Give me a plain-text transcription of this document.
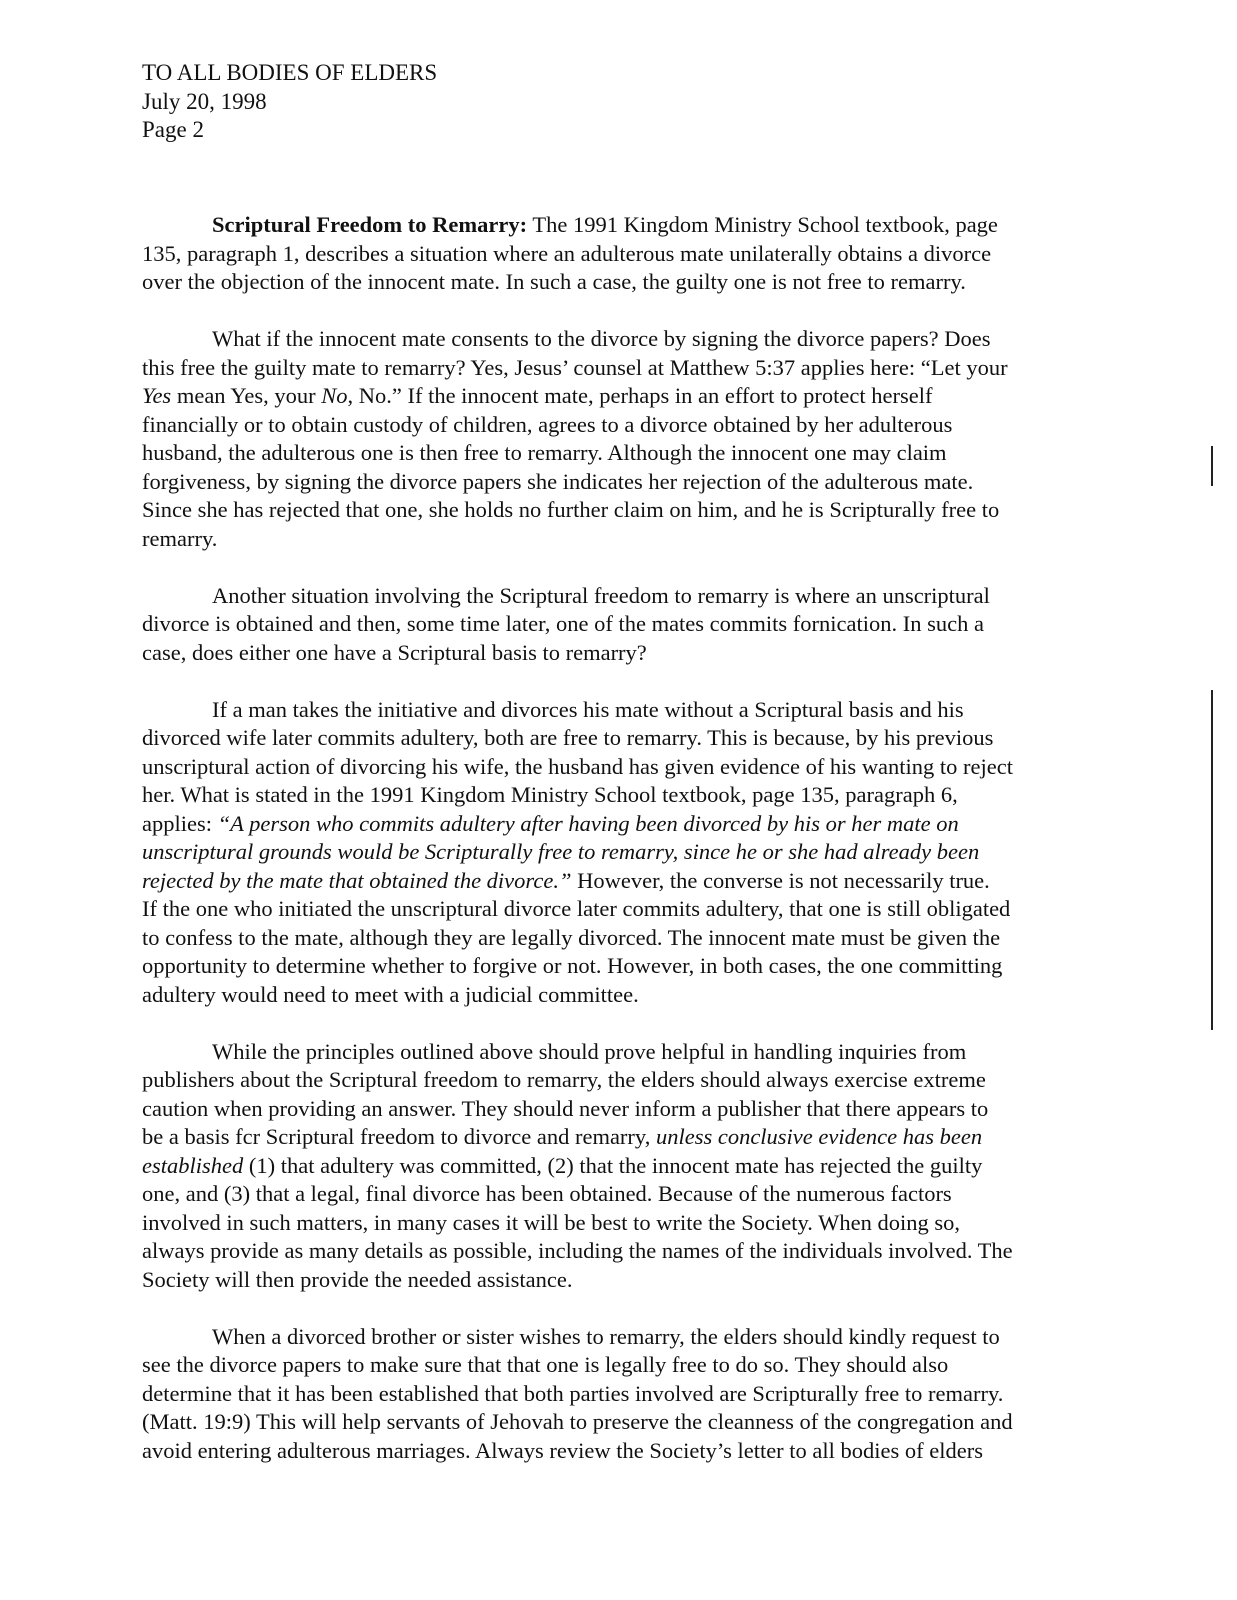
TO ALL BODIES OF ELDERS
July 20, 1998
Page 2
Scriptural Freedom to Remarry: The 1991 Kingdom Ministry School textbook, page
135, paragraph 1, describes a situation where an adulterous mate unilaterally obtains a divorce
over the objection of the innocent mate. In such a case, the guilty one is not free to remarry.
What if the innocent mate consents to the divorce by signing the divorce papers? Does
this free the guilty mate to remarry? Yes, Jesus’ counsel at Matthew 5:37 applies here: “Let your
Yes mean Yes, your No, No.” If the innocent mate, perhaps in an effort to protect herself
financially or to obtain custody of children, agrees to a divorce obtained by her adulterous
husband, the adulterous one is then free to remarry. Although the innocent one may claim
forgiveness, by signing the divorce papers she indicates her rejection of the adulterous mate.
Since she has rejected that one, she holds no further claim on him, and he is Scripturally free to
remarry.
Another situation involving the Scriptural freedom to remarry is where an unscriptural
divorce is obtained and then, some time later, one of the mates commits fornication. In such a
case, does either one have a Scriptural basis to remarry?
If a man takes the initiative and divorces his mate without a Scriptural basis and his
divorced wife later commits adultery, both are free to remarry. This is because, by his previous
unscriptural action of divorcing his wife, the husband has given evidence of his wanting to reject
her. What is stated in the 1991 Kingdom Ministry School textbook, page 135, paragraph 6,
applies: “A person who commits adultery after having been divorced by his or her mate on
unscriptural grounds would be Scripturally free to remarry, since he or she had already been
rejected by the mate that obtained the divorce.” However, the converse is not necessarily true.
If the one who initiated the unscriptural divorce later commits adultery, that one is still obligated
to confess to the mate, although they are legally divorced. The innocent mate must be given the
opportunity to determine whether to forgive or not. However, in both cases, the one committing
adultery would need to meet with a judicial committee.
While the principles outlined above should prove helpful in handling inquiries from
publishers about the Scriptural freedom to remarry, the elders should always exercise extreme
caution when providing an answer. They should never inform a publisher that there appears to
be a basis fcr Scriptural freedom to divorce and remarry, unless conclusive evidence has been
established (1) that adultery was committed, (2) that the innocent mate has rejected the guilty
one, and (3) that a legal, final divorce has been obtained. Because of the numerous factors
involved in such matters, in many cases it will be best to write the Society. When doing so,
always provide as many details as possible, including the names of the individuals involved. The
Society will then provide the needed assistance.
When a divorced brother or sister wishes to remarry, the elders should kindly request to
see the divorce papers to make sure that that one is legally free to do so. They should also
determine that it has been established that both parties involved are Scripturally free to remarry.
(Matt. 19:9) This will help servants of Jehovah to preserve the cleanness of the congregation and
avoid entering adulterous marriages. Always review the Society’s letter to all bodies of elders
